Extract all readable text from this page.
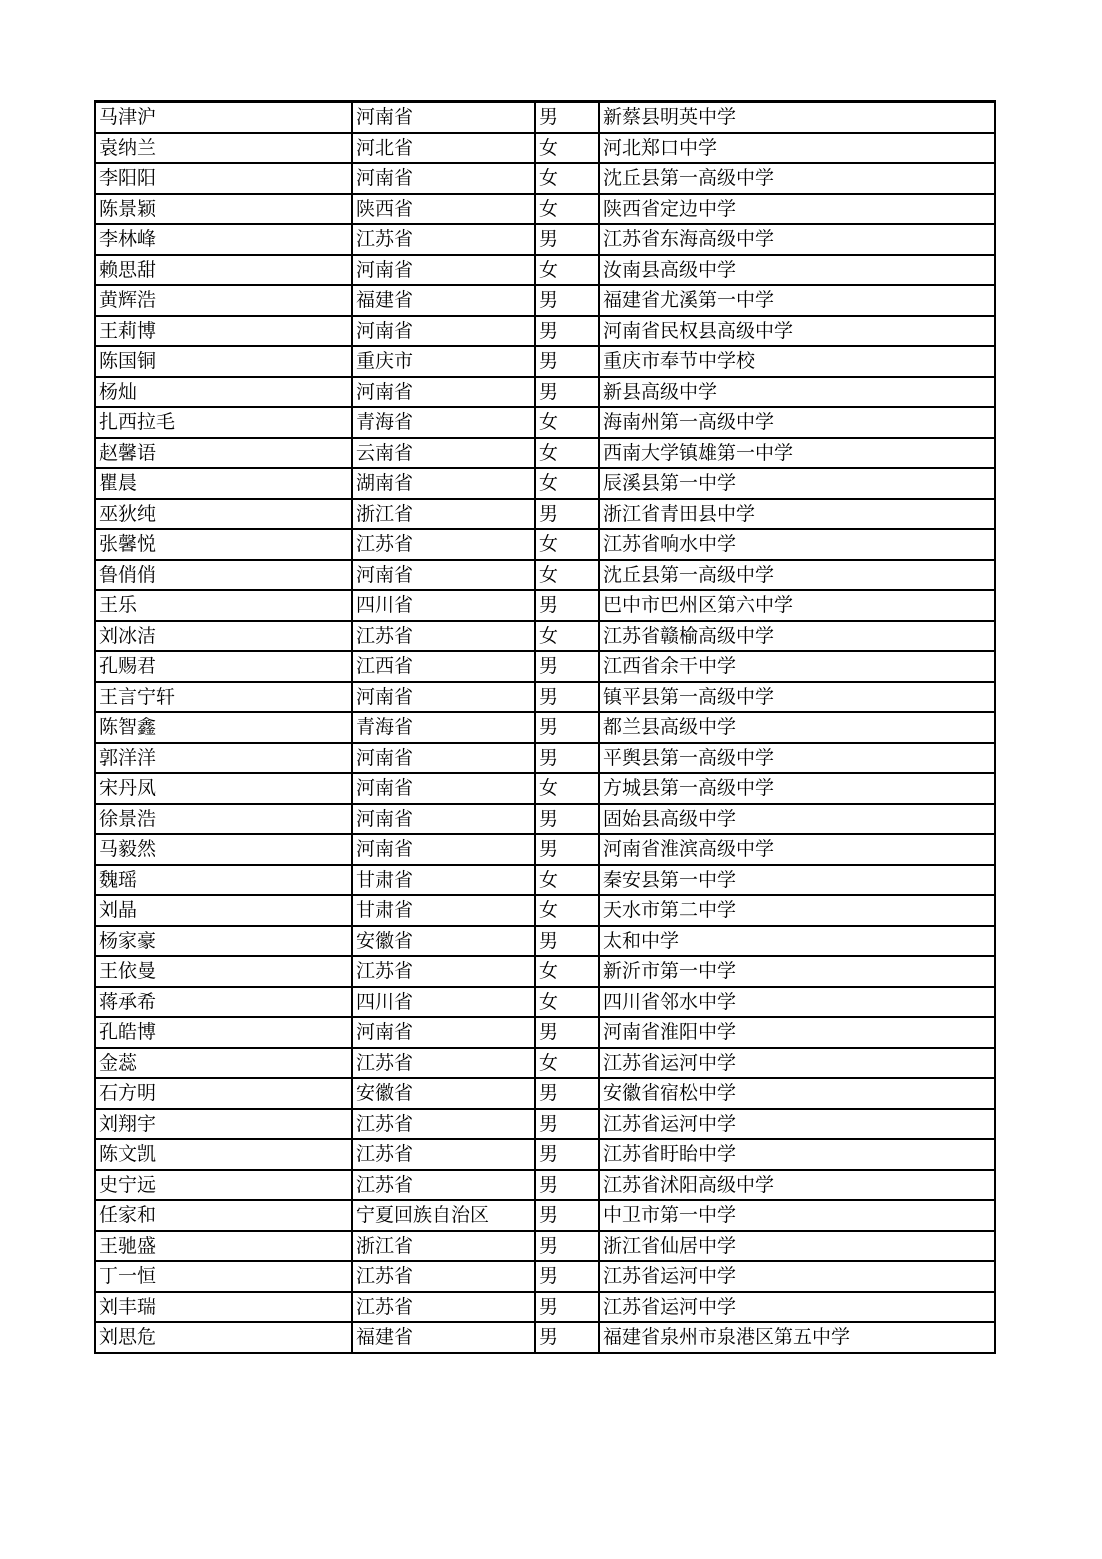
马津沪	河南省	男	新蔡县明英中学
袁纳兰	河北省	女	河北郑口中学
李阳阳	河南省	女	沈丘县第一高级中学
陈景颖	陕西省	女	陕西省定边中学
李林峰	江苏省	男	江苏省东海高级中学
赖思甜	河南省	女	汝南县高级中学
黄辉浩	福建省	男	福建省尤溪第一中学
王莉博	河南省	男	河南省民权县高级中学
陈国铜	重庆市	男	重庆市奉节中学校
杨灿	河南省	男	新县高级中学
扎西拉毛	青海省	女	海南州第一高级中学
赵馨语	云南省	女	西南大学镇雄第一中学
瞿晨	湖南省	女	辰溪县第一中学
巫狄纯	浙江省	男	浙江省青田县中学
张馨悦	江苏省	女	江苏省响水中学
鲁俏俏	河南省	女	沈丘县第一高级中学
王乐	四川省	男	巴中市巴州区第六中学
刘冰洁	江苏省	女	江苏省赣榆高级中学
孔赐君	江西省	男	江西省余干中学
王言宁轩	河南省	男	镇平县第一高级中学
陈智鑫	青海省	男	都兰县高级中学
郭洋洋	河南省	男	平舆县第一高级中学
宋丹凤	河南省	女	方城县第一高级中学
徐景浩	河南省	男	固始县高级中学
马毅然	河南省	男	河南省淮滨高级中学
魏瑶	甘肃省	女	秦安县第一中学
刘晶	甘肃省	女	天水市第二中学
杨家豪	安徽省	男	太和中学
王依曼	江苏省	女	新沂市第一中学
蒋承希	四川省	女	四川省邻水中学
孔皓博	河南省	男	河南省淮阳中学
金蕊	江苏省	女	江苏省运河中学
石方明	安徽省	男	安徽省宿松中学
刘翔宇	江苏省	男	江苏省运河中学
陈文凯	江苏省	男	江苏省盱眙中学
史宁远	江苏省	男	江苏省沭阳高级中学
任家和	宁夏回族自治区	男	中卫市第一中学
王驰盛	浙江省	男	浙江省仙居中学
丁一恒	江苏省	男	江苏省运河中学
刘丰瑞	江苏省	男	江苏省运河中学
刘思危	福建省	男	福建省泉州市泉港区第五中学
